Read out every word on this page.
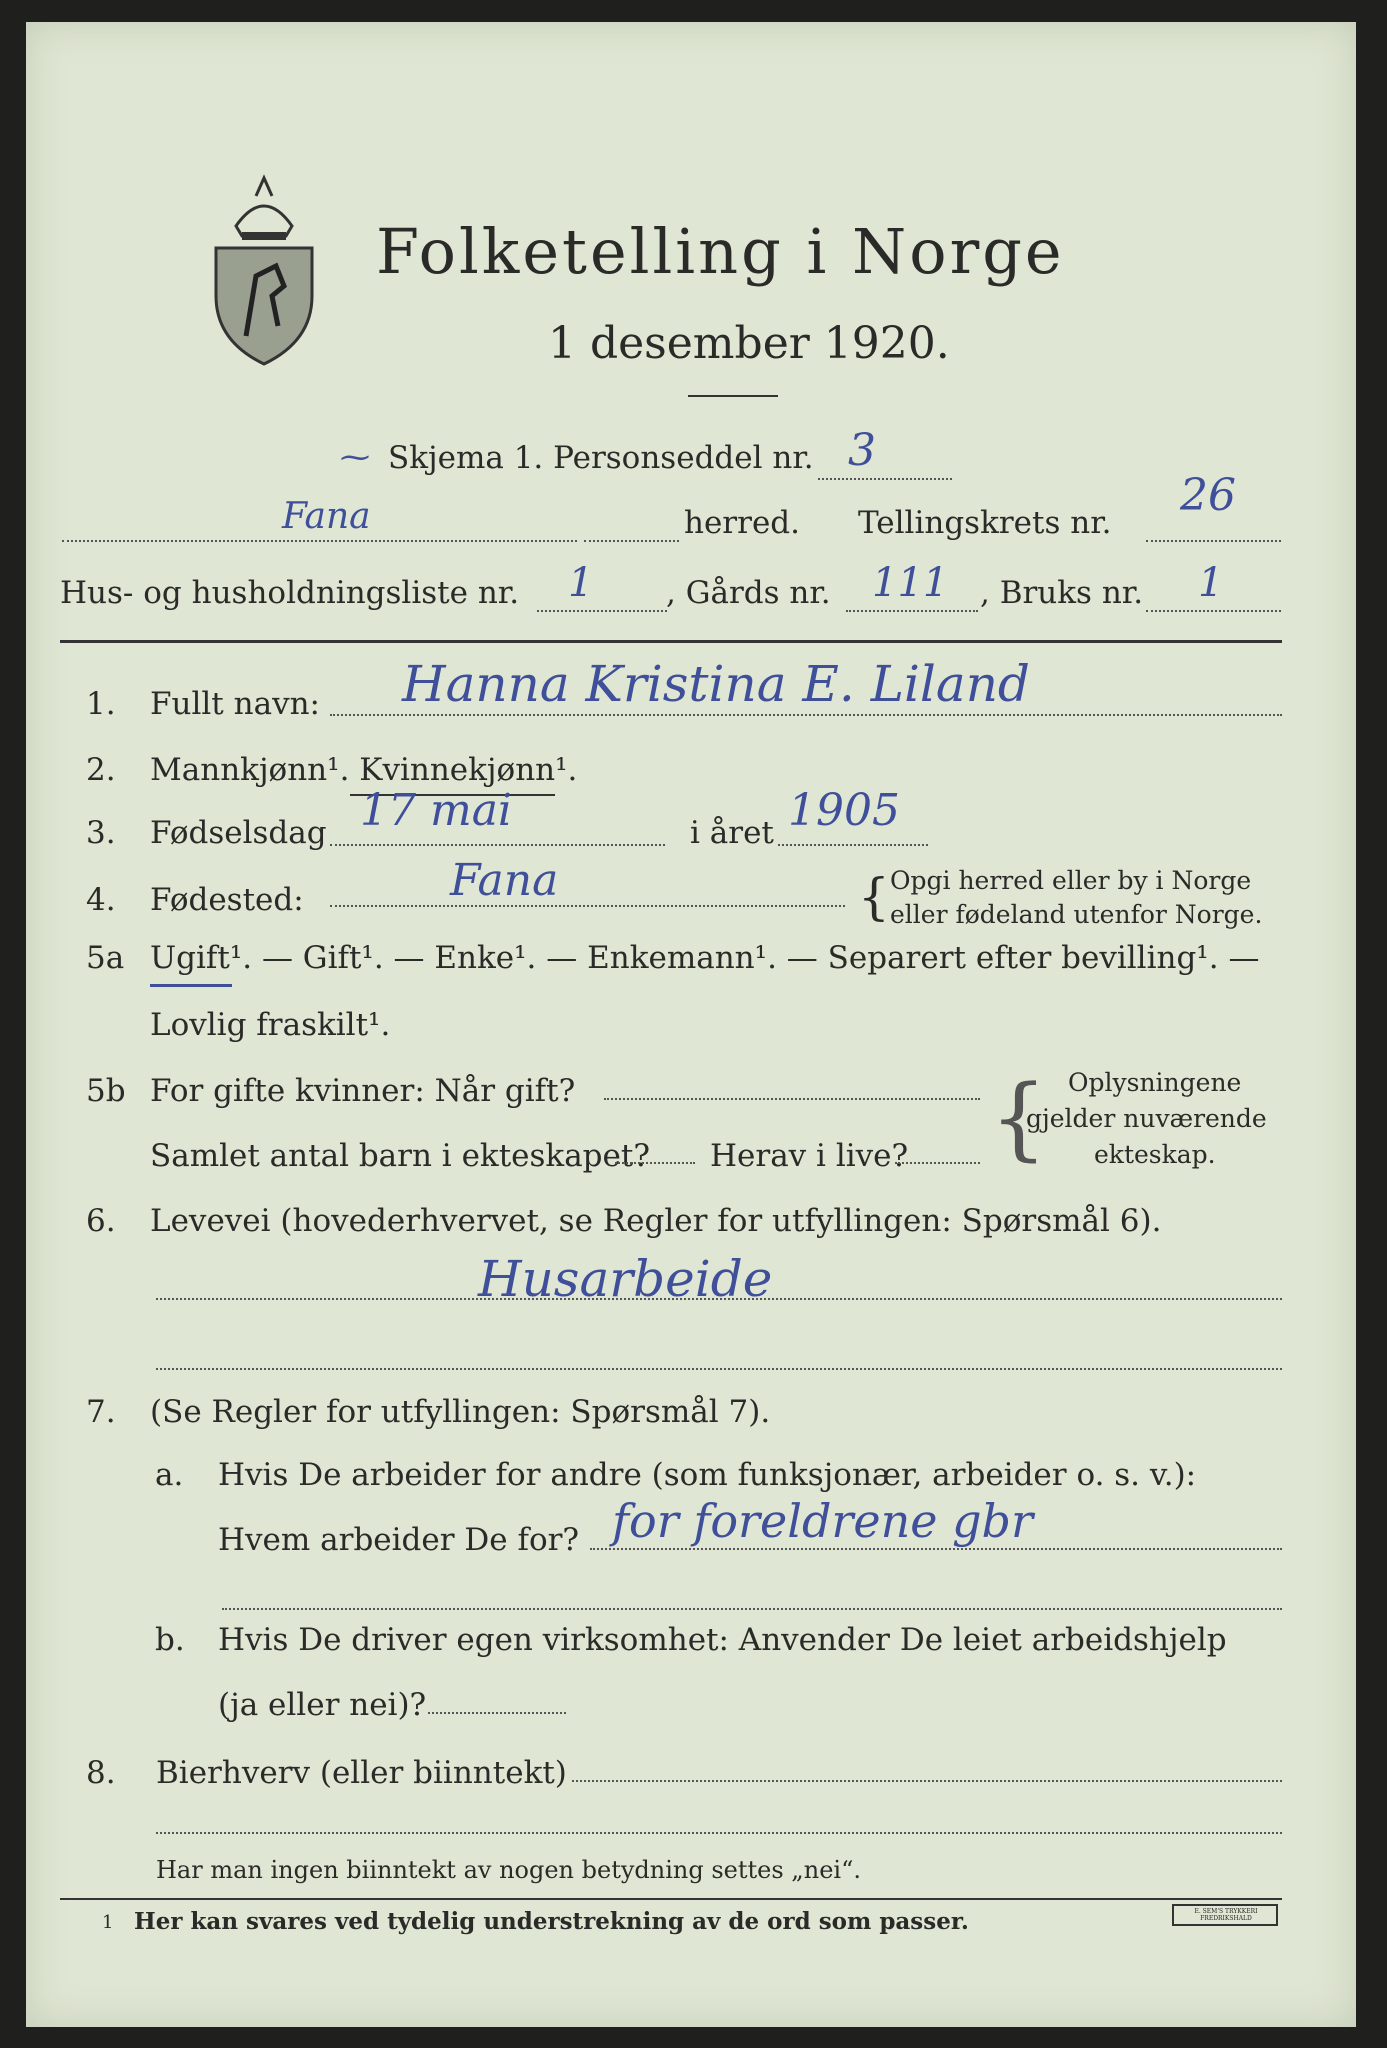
Folketelling i Norge
1 desember 1920.
⁓ Skjema 1. Personseddel nr. 3
Fana	herred. Tellingskrets nr.
26
Hus- og husholdningsliste nr. 1 , Gårds nr. 111 , Bruks nr. 1
1. Fullt navn: Hanna Kristina E. Liland
2. Mannkjønn¹. Kvinnekjønn¹.
3. Fødselsdag 17 mai	i året 1905
4. Fødested:	Fana	{ Opgi herred eller by i Norge
eller fødeland utenfor Norge.
5a Ugift¹. — Gift¹. — Enke¹. — Enkemann¹. — Separert efter bevilling¹. —
Lovlig fraskilt¹.
5b For gifte kvinner: Når gift?
Samlet antal barn i ekteskapet? Herav i live? { Oplysningene
gjelder nuværende
ekteskap.
6. Levevei (hovederhvervet, se Regler for utfyllingen: Spørsmål 6).
Husarbeide
7. (Se Regler for utfyllingen: Spørsmål 7).
a. Hvis De arbeider for andre (som funksjonær, arbeider o. s. v.):
Hvem arbeider De for? for foreldrene gbr
b. Hvis De driver egen virksomhet: Anvender De leiet arbeidshjelp
(ja eller nei)?
8. Bierhverv (eller biinntekt)
Har man ingen biinntekt av nogen betydning settes „nei“.
1 Her kan svares ved tydelig understrekning av de ord som passer.	E. SEM'S TRYKKERI FREDRIKSHALD
